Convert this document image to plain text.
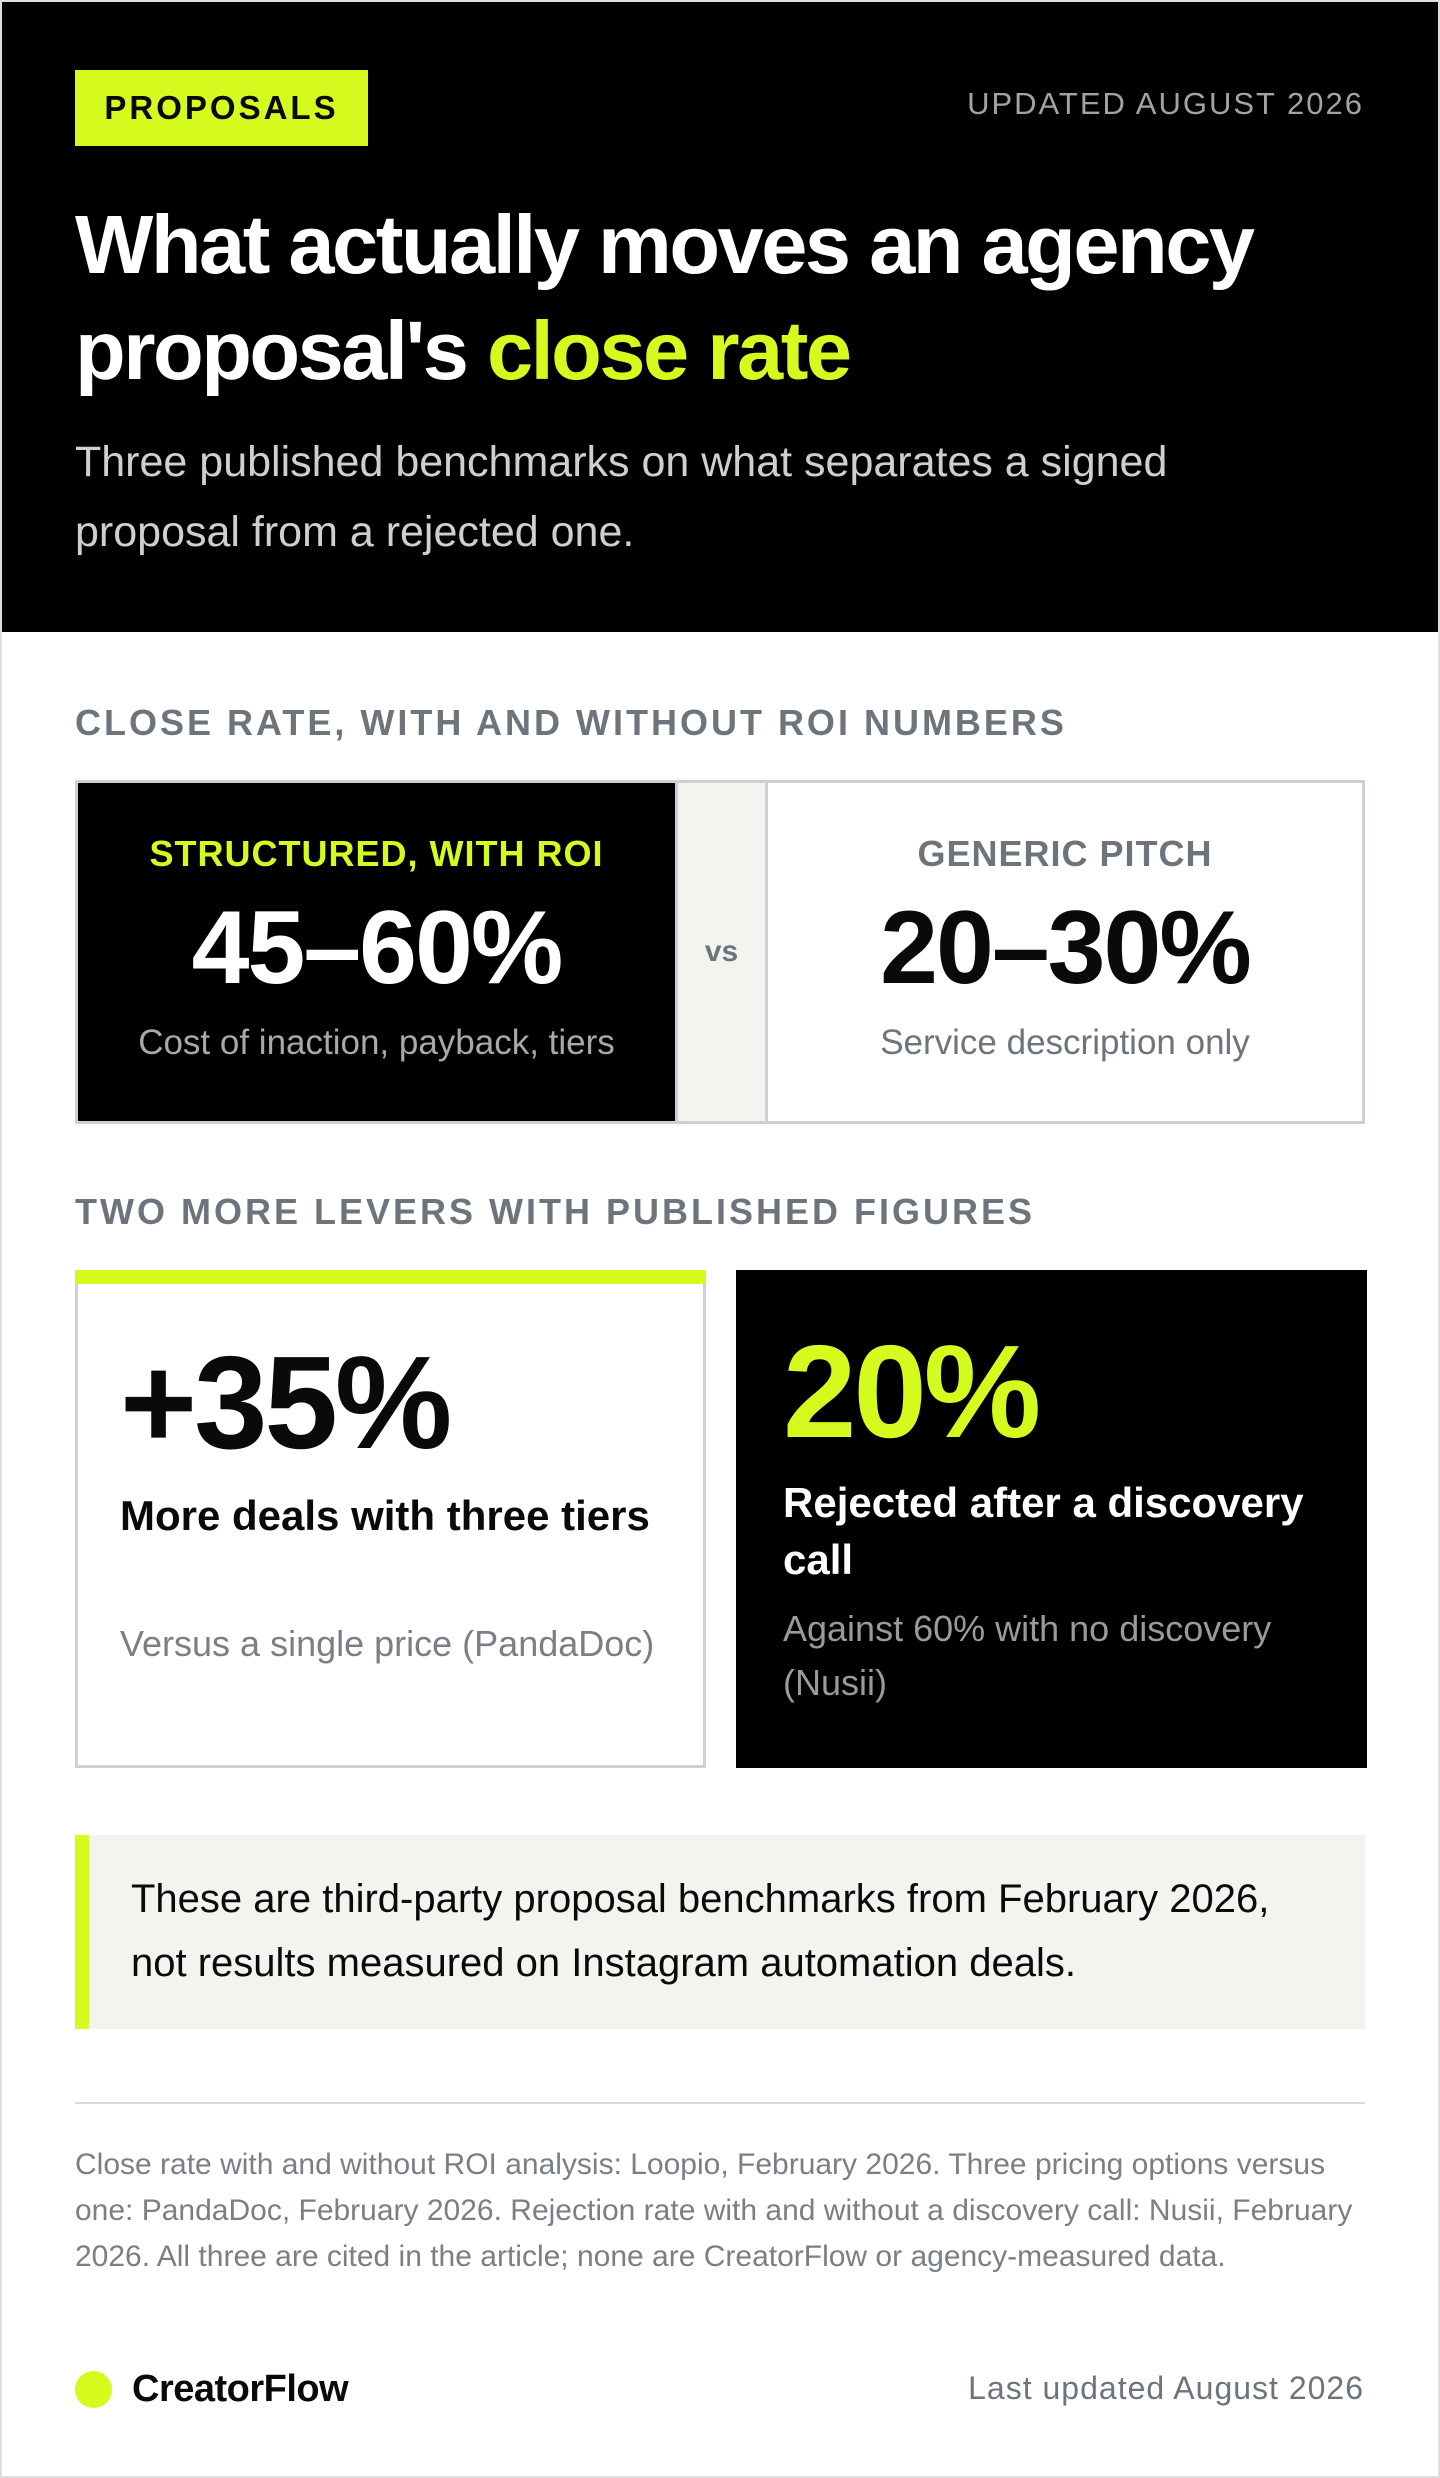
PROPOSALS	UPDATED AUGUST 2026
What actually moves an agency proposal's close rate

Three published benchmarks on what separates a signed proposal from a rejected one.

CLOSE RATE, WITH AND WITHOUT ROI NUMBERS
STRUCTURED, WITH ROI
45–60%
Cost of inaction, payback, tiers
vs
GENERIC PITCH
20–30%
Service description only
TWO MORE LEVERS WITH PUBLISHED FIGURES
+35%
More deals with three tiers
Versus a single price (PandaDoc)
20%
Rejected after a discovery call
Against 60% with no discovery (Nusii)

These are third-party proposal benchmarks from February 2026, not results measured on Instagram automation deals.

Close rate with and without ROI analysis: Loopio, February 2026. Three pricing options versus one: PandaDoc, February 2026. Rejection rate with and without a discovery call: Nusii, February 2026. All three are cited in the article; none are CreatorFlow or agency-measured data.

CreatorFlow	Last updated August 2026
